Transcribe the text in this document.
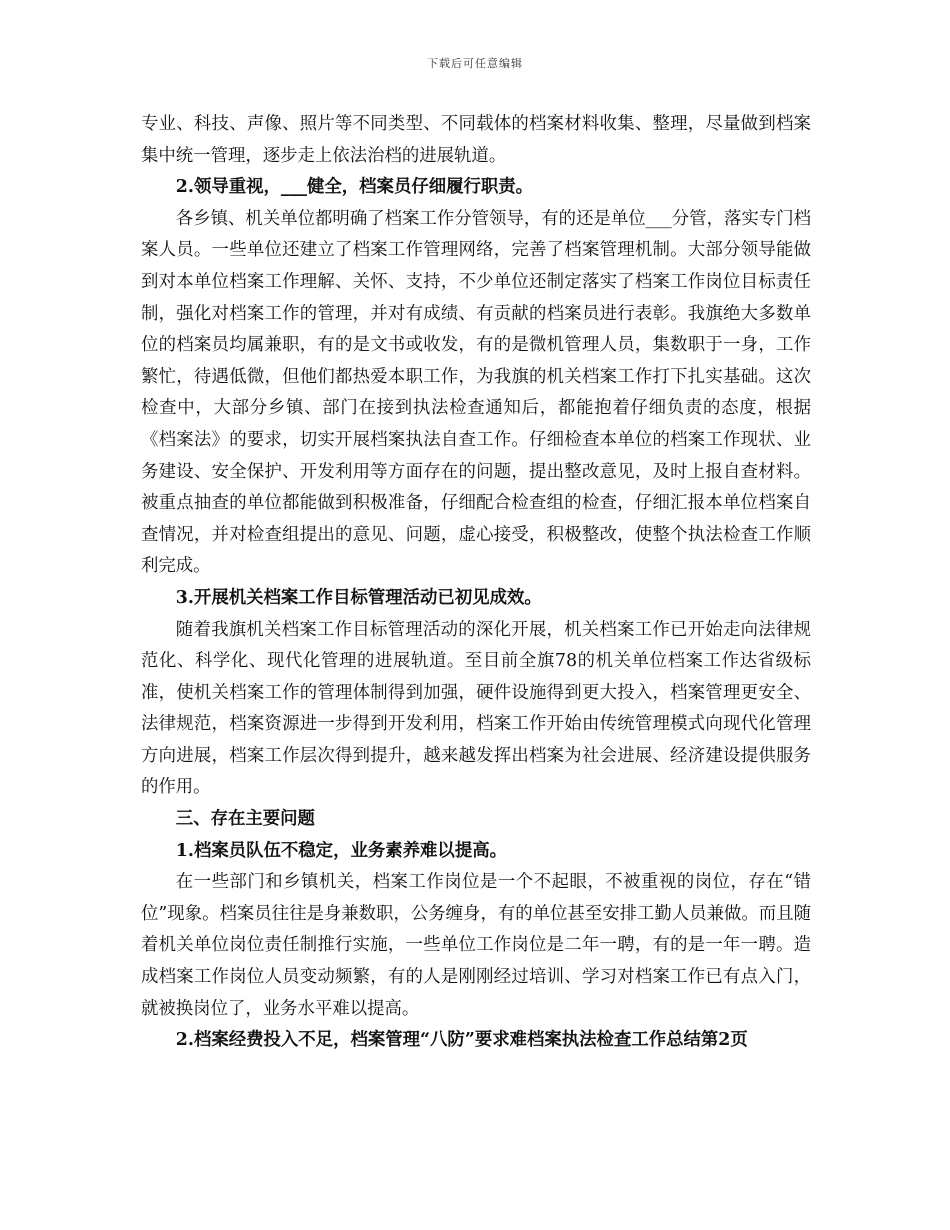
下载后可任意编辑

专业、科技、声像、照片等不同类型、不同载体的档案材料收集、整理，尽量做到档案集中统一管理，逐步走上依法治档的进展轨道。

2.领导重视，___健全，档案员仔细履行职责。

各乡镇、机关单位都明确了档案工作分管领导，有的还是单位___分管，落实专门档案人员。一些单位还建立了档案工作管理网络，完善了档案管理机制。大部分领导能做到对本单位档案工作理解、关怀、支持，不少单位还制定落实了档案工作岗位目标责任制，强化对档案工作的管理，并对有成绩、有贡献的档案员进行表彰。我旗绝大多数单位的档案员均属兼职，有的是文书或收发，有的是微机管理人员，集数职于一身，工作繁忙，待遇低微，但他们都热爱本职工作，为我旗的机关档案工作打下扎实基础。这次检查中，大部分乡镇、部门在接到执法检查通知后，都能抱着仔细负责的态度，根据《档案法》的要求，切实开展档案执法自查工作。仔细检查本单位的档案工作现状、业务建设、安全保护、开发利用等方面存在的问题，提出整改意见，及时上报自查材料。被重点抽查的单位都能做到积极准备，仔细配合检查组的检查，仔细汇报本单位档案自查情况，并对检查组提出的意见、问题，虚心接受，积极整改，使整个执法检查工作顺利完成。

3.开展机关档案工作目标管理活动已初见成效。

随着我旗机关档案工作目标管理活动的深化开展，机关档案工作已开始走向法律规范化、科学化、现代化管理的进展轨道。至目前全旗78的机关单位档案工作达省级标准，使机关档案工作的管理体制得到加强，硬件设施得到更大投入，档案管理更安全、法律规范，档案资源进一步得到开发利用，档案工作开始由传统管理模式向现代化管理方向进展，档案工作层次得到提升，越来越发挥出档案为社会进展、经济建设提供服务的作用。

三、存在主要问题

1.档案员队伍不稳定，业务素养难以提高。

在一些部门和乡镇机关，档案工作岗位是一个不起眼，不被重视的岗位，存在“错位”现象。档案员往往是身兼数职，公务缠身，有的单位甚至安排工勤人员兼做。而且随着机关单位岗位责任制推行实施，一些单位工作岗位是二年一聘，有的是一年一聘。造成档案工作岗位人员变动频繁，有的人是刚刚经过培训、学习对档案工作已有点入门，就被换岗位了，业务水平难以提高。

2.档案经费投入不足，档案管理“八防”要求难档案执法检查工作总结第2页
